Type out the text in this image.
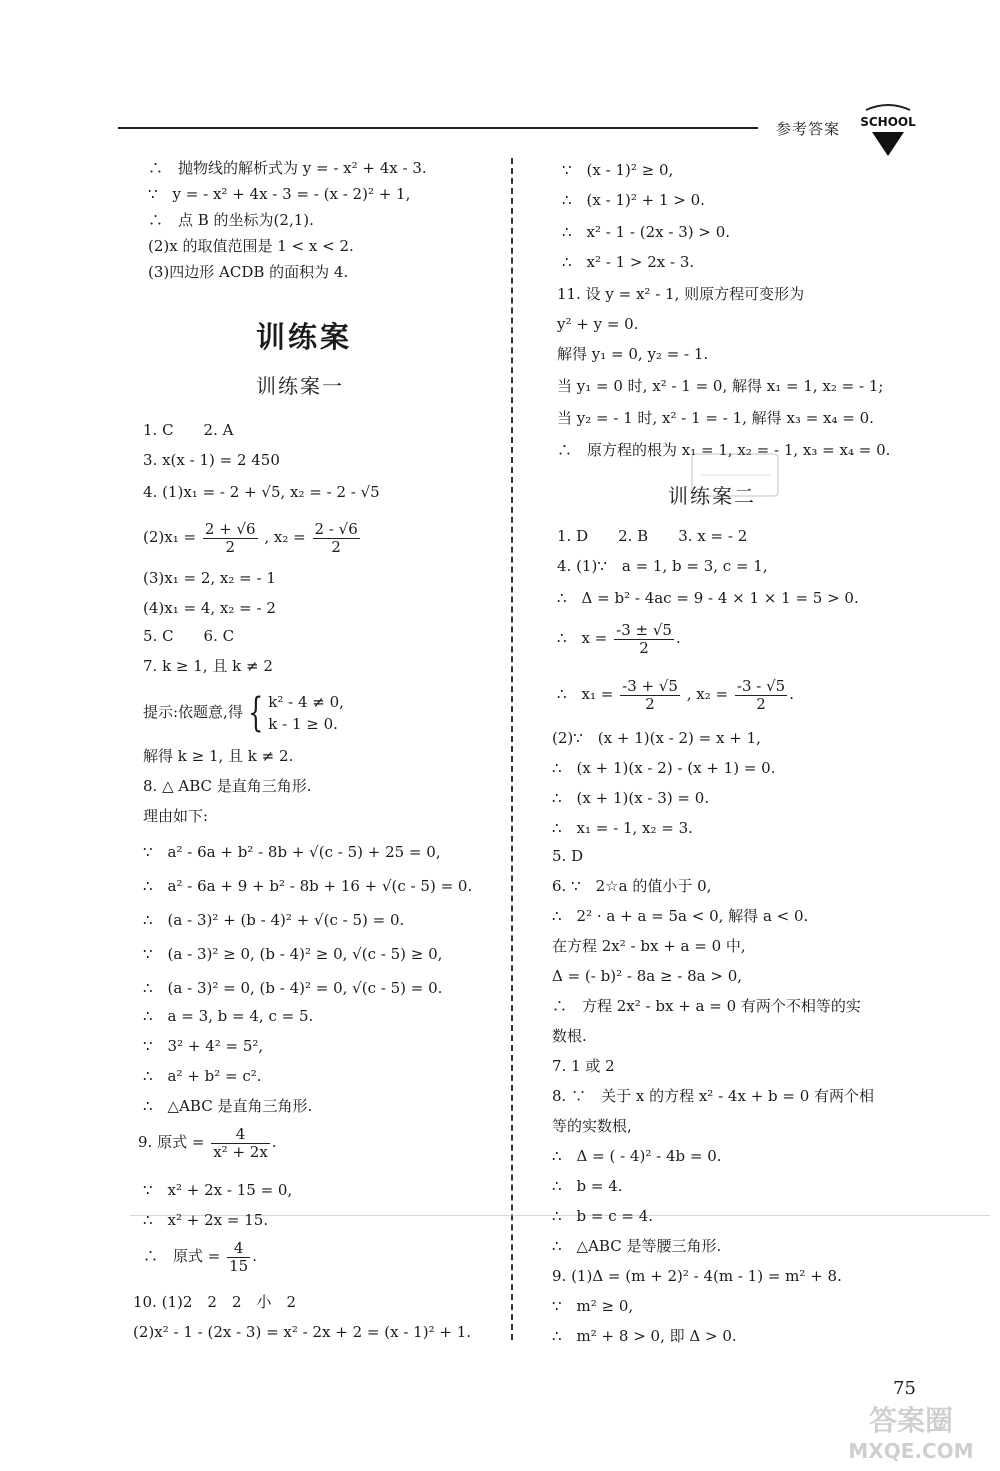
参考答案 SCHOOL
∴　抛物线的解析式为 y = - x² + 4x - 3.
∵　y = - x² + 4x - 3 = - (x - 2)² + 1,
∴　点 B 的坐标为(2,1).
(2)x 的取值范围是 1 < x < 2.
(3)四边形 ACDB 的面积为 4.
训练案
训练案一
1. C　　2. A
3. x(x - 1) = 2 450
4. (1)x₁ = - 2 + √5, x₂ = - 2 - √5
$(2)x_1 = \frac{2 + √6}{2}$ , $x_2 = \frac{2 - √6}{2}$
(3)x₁ = 2, x₂ = - 1
(4)x₁ = 4, x₂ = - 2
5. C　　6. C
7. k ≥ 1, 且 k ≠ 2
提示:依题意,得 { k² - 4 ≠ 0,
k - 1 ≥ 0.
解得 k ≥ 1, 且 k ≠ 2.
8. △ ABC 是直角三角形.
理由如下:
∵　a² - 6a + b² - 8b + √(c - 5) + 25 = 0,
∴　a² - 6a + 9 + b² - 8b + 16 + √(c - 5) = 0.
∴　(a - 3)² + (b - 4)² + √(c - 5) = 0.
∵　(a - 3)² ≥ 0, (b - 4)² ≥ 0, √(c - 5) ≥ 0,
∴　(a - 3)² = 0, (b - 4)² = 0, √(c - 5) = 0.
∴　a = 3, b = 4, c = 5.
∵　3² + 4² = 5²,
∴　a² + b² = c².
∴　△ABC 是直角三角形.
9. 原式 = $\frac{4}{\text{x² + 2x}}$ .
∵　x² + 2x - 15 = 0,
∴　x² + 2x = 15.
∴　原式 = $\frac{4}{15}$ .
10. (1)2　2　2　小　2
(2)x² - 1 - (2x - 3) = x² - 2x + 2 = (x - 1)² + 1.
∵　(x - 1)² ≥ 0,
∴　(x - 1)² + 1 > 0.
∴　x² - 1 - (2x - 3) > 0.
∴　x² - 1 > 2x - 3.
11. 设 y = x² - 1, 则原方程可变形为
y² + y = 0.
解得 y₁ = 0, y₂ = - 1.
当 y₁ = 0 时, x² - 1 = 0, 解得 x₁ = 1, x₂ = - 1;
当 y₂ = - 1 时, x² - 1 = - 1, 解得 x₃ = x₄ = 0.
∴　原方程的根为 x₁ = 1, x₂ = - 1, x₃ = x₄ = 0.
训练案二
1. D　　2. B　　3. x = - 2
4. (1)∵　a = 1, b = 3, c = 1,
∴　Δ = b² - 4ac = 9 - 4 × 1 × 1 = 5 > 0.
∴　$x = \frac{-3 \pm √5}{2}$ .
∴　$x_1 = \frac{-3 + √5}{2}$ , $x_2 = \frac{-3 - √5}{2}$ .
(2)∵　(x + 1)(x - 2) = x + 1,
∴　(x + 1)(x - 2) - (x + 1) = 0.
∴　(x + 1)(x - 3) = 0.
∴　x₁ = - 1, x₂ = 3.
5. D
6. ∵　2☆a 的值小于 0,
∴　2² · a + a = 5a < 0, 解得 a < 0.
在方程 2x² - bx + a = 0 中,
Δ = (- b)² - 8a ≥ - 8a > 0,
∴　方程 2x² - bx + a = 0 有两个不相等的实
数根.
7. 1 或 2
8. ∵　关于 x 的方程 x² - 4x + b = 0 有两个相
等的实数根,
∴　Δ = ( - 4)² - 4b = 0.
∴　b = 4.
∴　b = c = 4.
∴　△ABC 是等腰三角形.
9. (1)Δ = (m + 2)² - 4(m - 1) = m² + 8.
∵　m² ≥ 0,
∴　m² + 8 > 0, 即 Δ > 0.
75
答案圈
MXQE.COM
